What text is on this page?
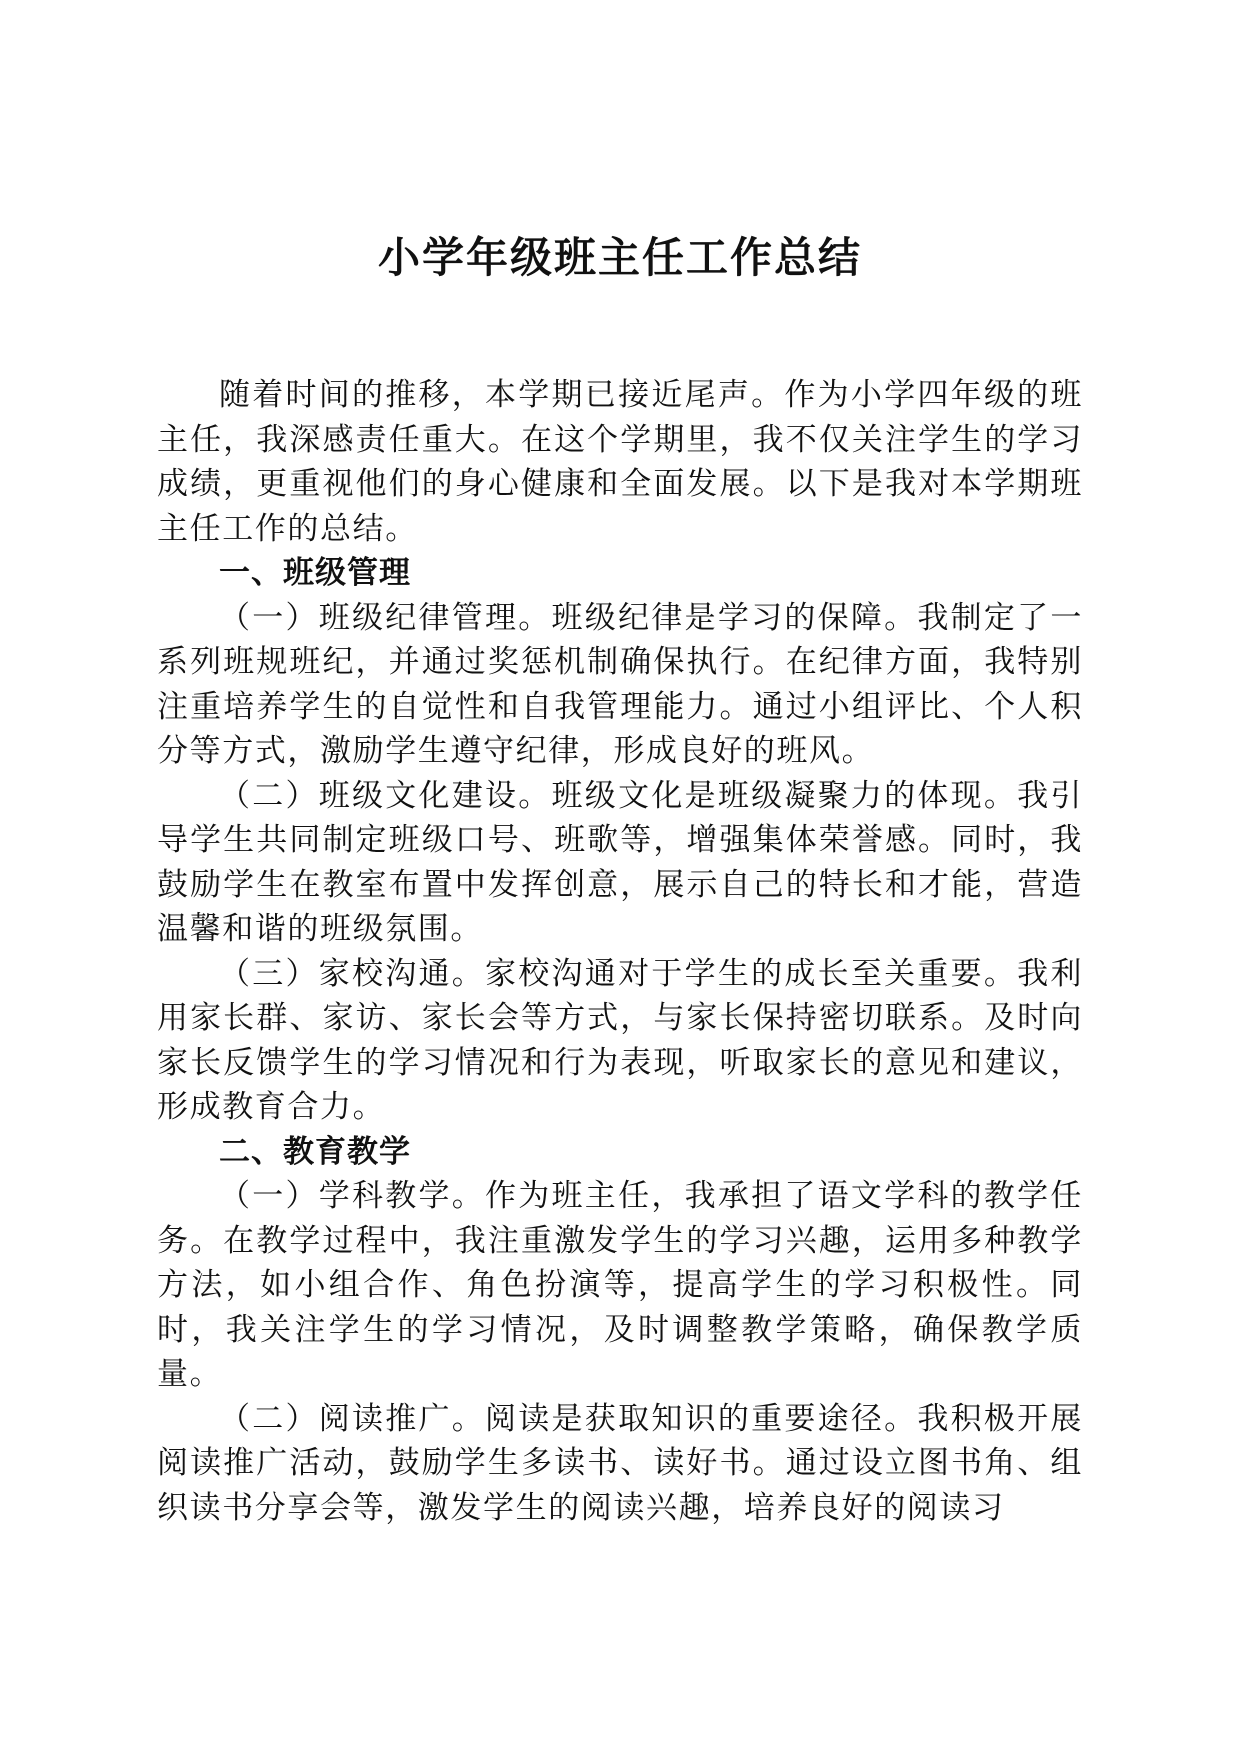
小学年级班主任工作总结

随着时间的推移，本学期已接近尾声。作为小学四年级的班主任，我深感责任重大。在这个学期里，我不仅关注学生的学习成绩，更重视他们的身心健康和全面发展。以下是我对本学期班主任工作的总结。

一、班级管理

（一）班级纪律管理。班级纪律是学习的保障。我制定了一系列班规班纪，并通过奖惩机制确保执行。在纪律方面，我特别注重培养学生的自觉性和自我管理能力。通过小组评比、个人积分等方式，激励学生遵守纪律，形成良好的班风。

（二）班级文化建设。班级文化是班级凝聚力的体现。我引导学生共同制定班级口号、班歌等，增强集体荣誉感。同时，我鼓励学生在教室布置中发挥创意，展示自己的特长和才能，营造温馨和谐的班级氛围。

（三）家校沟通。家校沟通对于学生的成长至关重要。我利用家长群、家访、家长会等方式，与家长保持密切联系。及时向家长反馈学生的学习情况和行为表现，听取家长的意见和建议，形成教育合力。

二、教育教学

（一）学科教学。作为班主任，我承担了语文学科的教学任务。在教学过程中，我注重激发学生的学习兴趣，运用多种教学方法，如小组合作、角色扮演等，提高学生的学习积极性。同时，我关注学生的学习情况，及时调整教学策略，确保教学质量。

（二）阅读推广。阅读是获取知识的重要途径。我积极开展阅读推广活动，鼓励学生多读书、读好书。通过设立图书角、组织读书分享会等，激发学生的阅读兴趣，培养良好的阅读习
